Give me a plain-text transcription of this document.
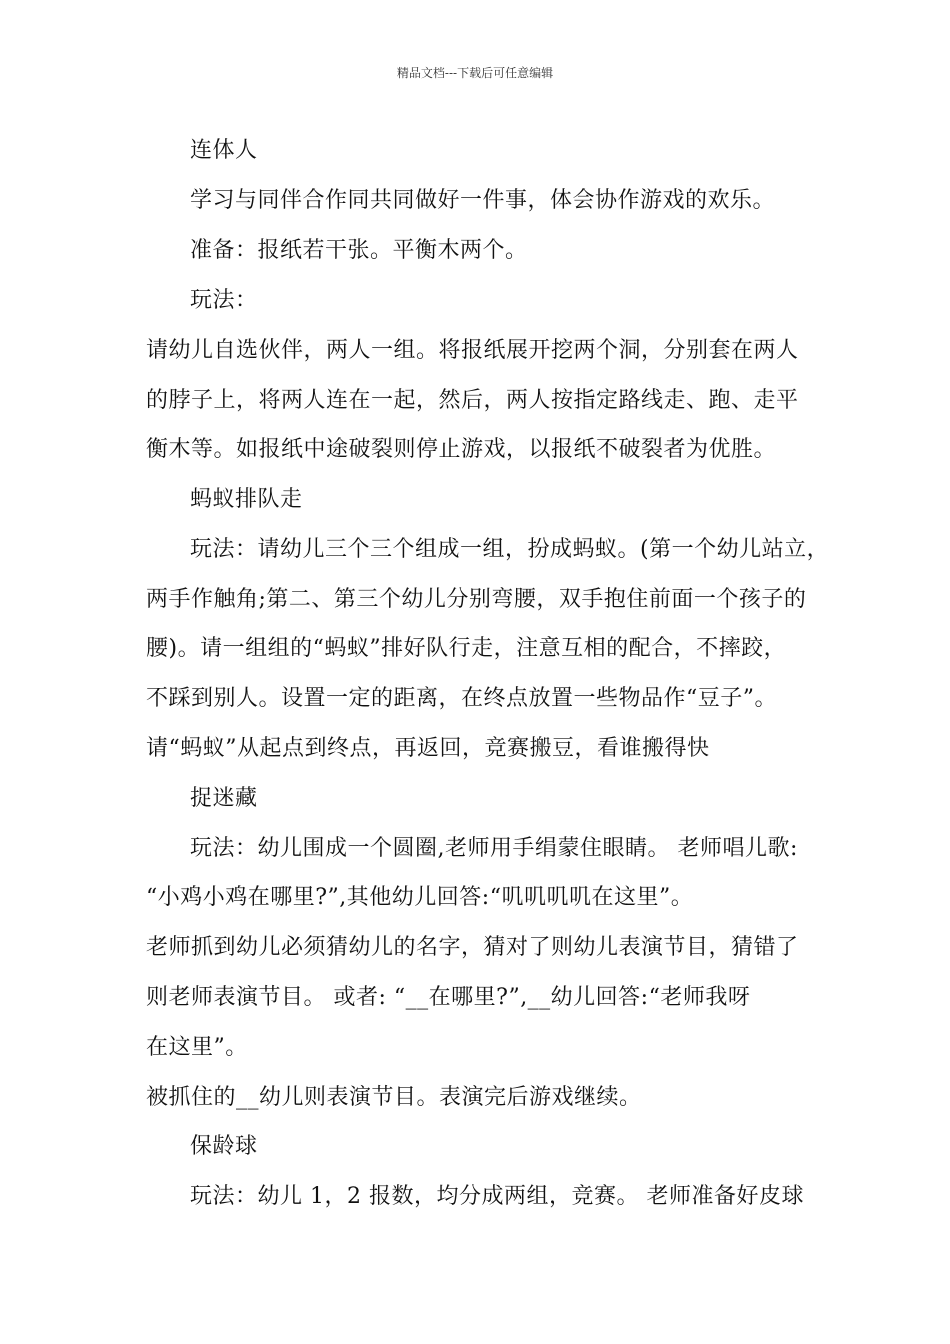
精品文档---下载后可任意编辑
连体人
学习与同伴合作同共同做好一件事，体会协作游戏的欢乐。
准备：报纸若干张。平衡木两个。
玩法：
请幼儿自选伙伴，两人一组。将报纸展开挖两个洞，分别套在两人
的脖子上，将两人连在一起，然后，两人按指定路线走、跑、走平
衡木等。如报纸中途破裂则停止游戏，以报纸不破裂者为优胜。
蚂蚁排队走
玩法：请幼儿三个三个组成一组，扮成蚂蚁。(第一个幼儿站立，
两手作触角;第二、第三个幼儿分别弯腰，双手抱住前面一个孩子的
腰)。请一组组的“蚂蚁”排好队行走，注意互相的配合，不摔跤，
不踩到别人。设置一定的距离，在终点放置一些物品作“豆子”。
请“蚂蚁”从起点到终点，再返回，竞赛搬豆，看谁搬得快
捉迷藏
玩法：幼儿围成一个圆圈,老师用手绢蒙住眼睛。 老师唱儿歌:
“小鸡小鸡在哪里?”,其他幼儿回答:“叽叽叽叽在这里”。
老师抓到幼儿必须猜幼儿的名字，猜对了则幼儿表演节目，猜错了
则老师表演节目。 或者: “__在哪里?”,__幼儿回答:“老师我呀
在这里”。
被抓住的__幼儿则表演节目。表演完后游戏继续。
保龄球
玩法：幼儿 1，2 报数，均分成两组，竞赛。 老师准备好皮球
